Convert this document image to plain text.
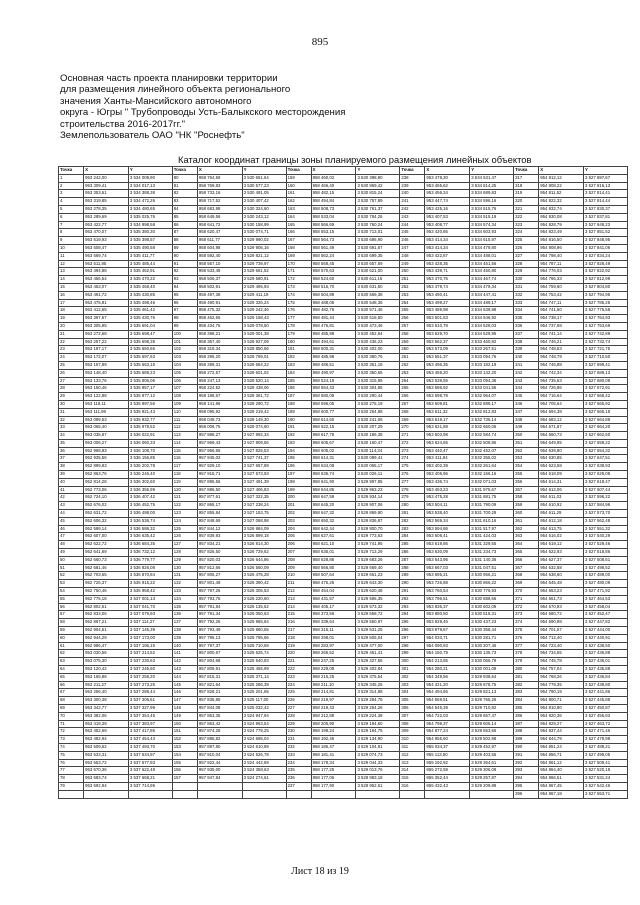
895
Основная часть проекта планировки территории
для размещения линейного объекта регионального
значения Ханты-Мансийского автономного
округа - Югры " Трубопроводы Усть-Балыкского месторождения
строительства 2016-2017гг."
Землепользователь ОАО "НК "Роснефть"
Каталог координат границы зоны планируемого размещения линейных объектов
Точка	X	Y	Точка	X	Y	Точка	X	Y	Точка	X	Y	Точка	X	Y
1	953 242,00	3 534 009,90	80	958 764,59	3 530 651,64	159	958 460,02	3 530 398,90	238	953 478,30	3 534 531,47	317	954 812,12	3 527 897,67
2	953 309,41	3 534 017,13	81	958 769,83	3 530 577,23	160	958 466,40	3 530 869,42	239	953 465,62	3 534 614,25	318	954 808,22	3 527 816,13
3	953 353,61	3 534 388,38	82	958 733,16	3 530 491,05	161	958 482,15	3 530 815,24	240	953 456,34	3 534 689,83	319	954 811,52	3 527 814,41
4	953 319,85	3 534 472,26	83	958 717,52	3 530 407,42	162	958 494,84	3 530 757,89	241	953 447,74	3 534 596,16	320	954 822,32	3 527 814,44
5	953 278,35	3 534 480,65	84	958 683,98	3 530 324,60	163	958 508,73	3 530 761,37	242	953 425,16	3 534 515,76	321	954 832,74	3 527 830,37
6	953 289,69	3 535 025,76	85	958 649,56	3 530 243,12	164	958 533,04	3 530 784,26	243	953 407,53	3 534 515,19	322	954 830,08	3 527 837,81
7	953 422,77	3 534 998,58	86	958 641,72	3 530 158,99	165	958 566,69	3 530 760,24	244	953 408,77	3 534 574,34	323	954 828,79	3 527 848,23
8	953 470,07	3 535 380,30	87	958 620,47	3 530 074,71	166	958 553,15	3 530 713,01	245	953 420,86	3 534 603,93	324	954 823,49	3 527 851,52
9	953 519,93	3 535 398,57	88	958 611,77	3 529 990,02	167	958 564,73	3 530 686,90	246	953 414,34	3 534 615,97	325	954 816,50	3 527 848,95
10	953 508,47	3 535 490,58	89	958 604,98	3 529 905,16	168	958 561,49	3 530 691,67	247	953 414,34	3 534 479,80	326	954 808,96	3 527 841,06
11	953 569,74	3 535 411,77	90	958 592,40	3 529 821,12	169	958 562,24	3 530 699,35	248	953 422,87	3 534 488,01	327	954 798,40	3 527 834,24
12	953 511,85	3 535 485,44	91	958 567,10	3 529 739,97	170	958 568,45	3 530 657,69	249	953 428,35	3 534 451,56	328	954 787,11	3 527 828,49
13	953 494,88	3 535 462,91	92	958 533,48	3 529 661,52	171	958 570,63	3 530 621,00	250	953 439,71	3 534 450,80	329	954 776,03	3 527 822,92
14	953 456,54	3 535 470,22	93	958 506,37	3 529 580,91	172	958 524,60	3 530 611,16	251	953 470,76	3 534 467,74	330	954 766,33	3 527 812,99
15	953 453,07	3 535 468,40	94	958 502,91	3 529 495,93	173	958 516,70	3 530 631,50	252	953 479,74	3 534 479,34	331	954 759,60	3 527 804,80
16	953 491,72	3 535 430,85	95	958 497,38	3 529 411,19	174	958 504,89	3 530 569,38	253	953 490,41	3 534 447,41	332	954 753,42	3 527 794,95
17	953 475,81	3 535 498,46	96	958 490,91	3 529 326,24	175	958 488,06	3 530 548,36	254	953 499,27	3 534 489,17	333	954 747,11	3 527 785,25
18	953 412,65	3 535 461,42	97	958 475,32	3 529 242,46	176	958 482,76	3 530 571,45	255	953 489,98	3 534 539,88	334	954 741,50	3 527 775,58
19	953 397,67	3 535 430,76	98	958 462,55	3 529 158,43	177	958 481,44	3 530 518,50	256	953 501,63	3 534 546,92	335	954 738,17	3 527 764,93
20	953 305,95	3 535 691,04	99	958 434,76	3 529 078,50	178	958 476,81	3 530 473,46	257	953 510,78	3 534 528,03	336	954 737,68	3 527 753,69
21	953 272,68	3 535 698,47	100	958 398,21	3 529 001,38	179	958 485,98	3 530 452,64	258	953 529,70	3 534 529,95	337	954 741,14	3 527 742,89
22	953 257,22	3 535 698,35	101	958 357,40	3 528 927,09	180	958 494,61	3 530 436,23	259	953 562,37	3 533 460,82	338	954 746,21	3 527 732,74
23	953 197,17	3 535 650,66	102	958 319,34	3 528 850,56	181	958 500,31	3 530 402,00	260	953 573,09	3 533 267,51	339	954 748,53	3 527 721,75
24	953 172,07	3 535 697,63	103	958 295,20	3 528 769,01	182	958 485,98	3 530 380,76	261	953 551,37	3 533 094,76	340	954 748,79	3 527 710,50
25	953 157,89	3 535 663,15	104	958 289,31	3 528 684,22	183	958 486,51	3 530 361,18	262	953 496,35	3 533 182,19	341	954 746,88	3 527 699,41
26	953 148,40	3 535 689,23	105	958 272,57	3 528 601,02	184	958 490,97	3 530 350,65	263	953 459,20	3 533 142,20	342	954 742,34	3 527 689,13
27	953 133,76	3 535 806,06	106	958 247,13	3 528 520,14	185	958 524,19	3 530 315,95	264	953 539,55	3 533 094,36	343	954 735,63	3 527 680,08
28	953 150,46	3 535 857,17	107	958 224,52	3 528 438,06	186	958 554,43	3 530 304,86	265	953 586,92	3 533 041,56	344	954 726,96	3 527 672,91
29	953 122,88	3 535 877,12	108	958 188,67	3 528 361,72	187	958 580,08	3 530 290,44	266	953 598,78	3 532 964,07	345	954 716,64	3 527 668,42
30	953 118,11	3 535 897,56	109	958 141,86	3 528 290,72	188	958 596,05	3 530 275,19	267	953 609,81	3 532 888,17	346	954 705,64	3 527 665,92
31	953 111,98	3 535 921,43	110	958 095,92	3 528 219,42	189	958 600,77	3 530 264,88	268	953 611,32	3 532 812,83	347	954 694,38	3 527 665,18
32	953 099,53	3 535 932,77	111	958 048,73	3 528 149,30	190	958 614,60	3 530 241,06	269	953 619,17	3 532 735,14	348	954 683,12	3 527 664,89
33	953 065,40	3 535 979,52	112	958 008,75	3 528 074,60	191	958 622,15	3 530 207,29	270	953 621,88	3 532 660,06	349	954 671,87	3 527 664,20
34	953 035,87	3 536 022,91	113	957 988,27	3 527 992,34	192	958 617,78	3 530 186,38	271	953 603,98	3 532 584,74	350	954 660,73	3 527 662,50
35	953 006,27	3 536 060,33	114	957 969,43	3 527 909,56	193	958 605,67	3 530 160,47	272	953 624,65	3 532 508,86	351	954 649,95	3 527 659,22
36	952 968,83	3 536 108,70	115	957 956,65	3 527 825,53	194	958 605,02	3 530 114,34	273	953 440,47	3 532 452,07	352	954 639,80	3 527 654,32
37	952 935,56	3 536 156,85	116	957 945,02	3 527 741,37	195	958 614,31	3 530 089,41	274	953 411,94	3 532 355,02	353	954 630,85	3 527 647,51
38	952 899,83	3 536 202,78	117	957 929,10	3 527 657,89	196	958 634,08	3 530 065,17	275	953 402,39	3 532 261,64	354	954 623,58	3 527 638,93
39	952 863,76	3 536 246,40	118	957 915,71	3 527 573,93	197	958 636,74	3 530 026,11	276	953 405,96	3 532 166,16	355	954 618,09	3 527 629,08
40	952 814,28	3 536 302,60	119	957 895,56	3 527 491,39	198	958 641,90	3 529 997,85	277	953 436,74	3 532 071,03	356	954 614,31	3 527 618,47
41	952 773,06	3 536 355,99	120	957 886,50	3 527 406,83	199	958 644,85	3 529 963,23	278	953 453,23	3 531 975,67	357	954 612,06	3 527 607,44
42	952 724,10	3 536 407,42	121	957 877,61	3 527 322,35	200	958 647,59	3 529 934,14	279	953 475,28	3 531 881,75	358	954 611,03	3 527 596,22
43	952 676,02	3 536 452,75	122	957 865,17	3 527 238,24	201	958 645,20	3 529 907,06	280	953 504,11	3 531 790,09	359	954 610,92	3 527 584,96
44	952 631,72	3 536 498,00	123	957 855,84	3 527 153,75	202	958 647,32	3 529 869,90	281	953 538,40	3 531 700,29	360	954 611,29	3 527 573,70
45	952 606,32	3 536 536,74	124	957 848,69	3 527 068,98	203	958 650,32	3 529 836,87	282	953 569,34	3 531 610,16	361	954 612,18	3 527 562,48
46	952 599,14	3 536 586,32	125	957 844,12	3 526 984,09	204	958 642,44	3 529 800,70	283	953 594,86	3 531 517,97	362	954 613,75	3 527 551,32
47	952 607,00	3 536 635,42	126	957 839,93	3 526 899,18	205	958 627,61	3 529 773,63	284	953 608,41	3 531 424,03	363	954 616,02	3 527 540,29
48	952 622,72	3 536 684,35	127	957 834,21	3 526 814,30	206	958 621,10	3 529 741,95	285	953 619,86	3 531 329,55	364	954 619,12	3 527 529,46
49	952 641,69	3 536 732,12	128	957 826,50	3 526 729,62	207	958 635,01	3 529 713,29	286	953 630,09	3 531 234,73	365	954 622,93	3 527 518,86
50	952 660,73	3 536 779,77	129	957 820,03	3 526 644,86	208	958 628,86	3 529 683,26	287	953 643,95	3 531 140,36	366	954 627,37	3 527 508,51
51	952 681,46	3 536 826,08	130	957 812,66	3 526 560,09	209	958 566,80	3 529 669,40	288	953 667,03	3 531 047,51	367	954 632,58	3 527 498,52
52	952 703,65	3 536 870,84	131	957 806,27	3 526 475,28	210	958 507,64	3 529 661,23	289	953 695,21	3 530 956,21	368	954 638,60	3 527 489,00
53	952 726,37	3 536 915,22	132	957 801,48	3 526 390,42	211	958 475,26	3 529 643,30	290	953 726,88	3 530 866,22	369	954 645,48	3 527 480,09
54	952 750,46	3 536 958,42	133	957 797,26	3 526 305,53	212	958 454,04	3 529 620,48	291	953 760,54	3 530 776,93	370	954 653,23	3 527 471,92
55	952 775,18	3 537 001,13	134	957 793,76	3 526 220,60	213	958 431,57	3 529 595,35	292	953 796,51	3 530 688,66	371	954 661,73	3 527 464,53
56	952 802,61	3 537 041,70	135	957 791,84	3 526 135,62	214	958 405,17	3 529 573,32	293	953 836,37	3 530 602,09	372	954 670,93	3 527 458,04
57	952 833,06	3 537 079,93	136	957 791,34	3 526 050,63	215	958 373,56	3 529 558,72	294	953 880,50	3 530 518,31	373	954 680,72	3 527 452,47
58	952 867,21	3 537 114,27	137	957 792,26	3 525 965,64	216	958 339,64	3 529 550,97	295	953 928,46	3 530 437,23	374	954 690,98	3 527 447,82
59	952 904,51	3 537 145,39	138	957 793,49	3 525 880,65	217	958 315,11	3 529 531,25	296	953 979,67	3 530 358,44	375	954 701,57	3 527 444,00
60	952 944,29	3 537 173,00	139	957 795,13	3 525 795,66	218	958 298,01	3 529 505,04	297	954 033,71	3 530 281,71	376	954 712,40	3 527 440,91
61	952 986,47	3 537 196,15	140	957 797,37	3 525 710,69	219	958 283,97	3 529 477,00	298	954 090,93	3 530 207,45	377	954 723,40	3 527 438,50
62	953 030,56	3 537 214,52	141	957 800,67	3 525 625,74	220	958 266,52	3 529 451,41	299	954 150,79	3 530 135,73	378	954 734,55	3 527 436,88
63	953 075,30	3 537 230,63	142	957 804,68	3 525 540,83	221	958 247,25	3 529 427,56	300	954 213,85	3 530 066,79	379	954 745,78	3 527 436,01
64	953 120,42	3 537 245,60	143	957 809,91	3 525 455,99	222	958 229,08	3 529 402,84	301	954 280,21	3 530 001,09	380	954 757,04	3 527 435,88
65	953 165,88	3 537 259,20	144	957 815,31	3 525 371,14	223	958 215,25	3 529 375,54	302	954 349,56	3 529 938,64	381	954 768,26	3 527 436,84
66	953 211,27	3 537 273,25	145	957 821,64	3 525 286,39	224	958 211,10	3 529 345,25	303	954 421,20	3 529 878,75	382	954 779,35	3 527 438,80
67	953 256,40	3 537 288,44	146	957 828,21	3 525 201,65	225	958 214,81	3 529 314,88	304	954 494,66	3 529 821,13	383	954 790,19	3 527 441,86
68	953 300,38	3 537 306,61	147	957 835,85	3 525 117,00	226	958 219,97	3 529 284,76	305	954 569,51	3 529 765,26	384	954 800,71	3 527 445,88
69	953 342,77	3 537 327,99	148	957 844,08	3 525 032,42	227	958 219,43	3 529 254,26	306	954 645,39	3 529 710,82	385	954 810,80	3 527 450,87
70	953 382,06	3 537 354,45	149	957 853,35	3 524 947,94	228	958 212,88	3 529 224,38	307	954 722,03	3 529 657,47	386	954 820,36	3 527 456,83
71	953 419,39	3 537 383,97	150	957 863,42	3 524 863,54	229	958 205,90	3 529 194,60	308	954 799,37	3 529 605,14	387	954 829,27	3 527 463,72
72	953 452,69	3 537 417,86	151	957 874,28	3 524 779,25	230	958 199,24	3 529 164,75	309	954 877,24	3 529 553,66	388	954 837,44	3 527 471,46
73	953 482,94	3 537 454,43	152	957 885,82	3 524 695,04	231	958 192,46	3 529 134,90	310	954 955,60	3 529 502,98	389	954 844,79	3 527 479,98
74	953 509,62	3 537 493,70	153	957 897,80	3 524 610,89	232	958 186,47	3 529 104,91	311	955 034,37	3 529 452,97	390	954 851,24	3 527 489,21
75	953 533,31	3 537 534,97	154	957 910,04	3 524 526,78	233	958 181,41	3 529 074,73	312	955 113,50	3 529 403,55	391	954 856,71	3 527 499,05
76	953 553,72	3 537 577,93	155	957 922,44	3 524 442,69	234	958 178,34	3 529 044,33	313	955 192,92	3 529 354,61	392	954 861,12	3 527 509,41
77	953 570,36	3 537 622,48	156	957 935,00	3 524 358,63	235	958 177,25	3 529 013,76	314	955 272,59	3 529 306,08	393	954 864,40	3 527 520,18
78	953 583,74	3 537 668,21	157	957 947,84	3 524 274,61	236	958 177,06	3 528 983,18	315	955 352,44	3 529 257,87	394	954 866,51	3 527 531,24
79	953 592,94	3 537 714,95				237	958 177,90	3 528 952,61	316	955 432,43	3 529 209,88	395	954 867,45	3 527 542,46
												396	954 867,18	3 527 553,71
Лист 18 из 19
